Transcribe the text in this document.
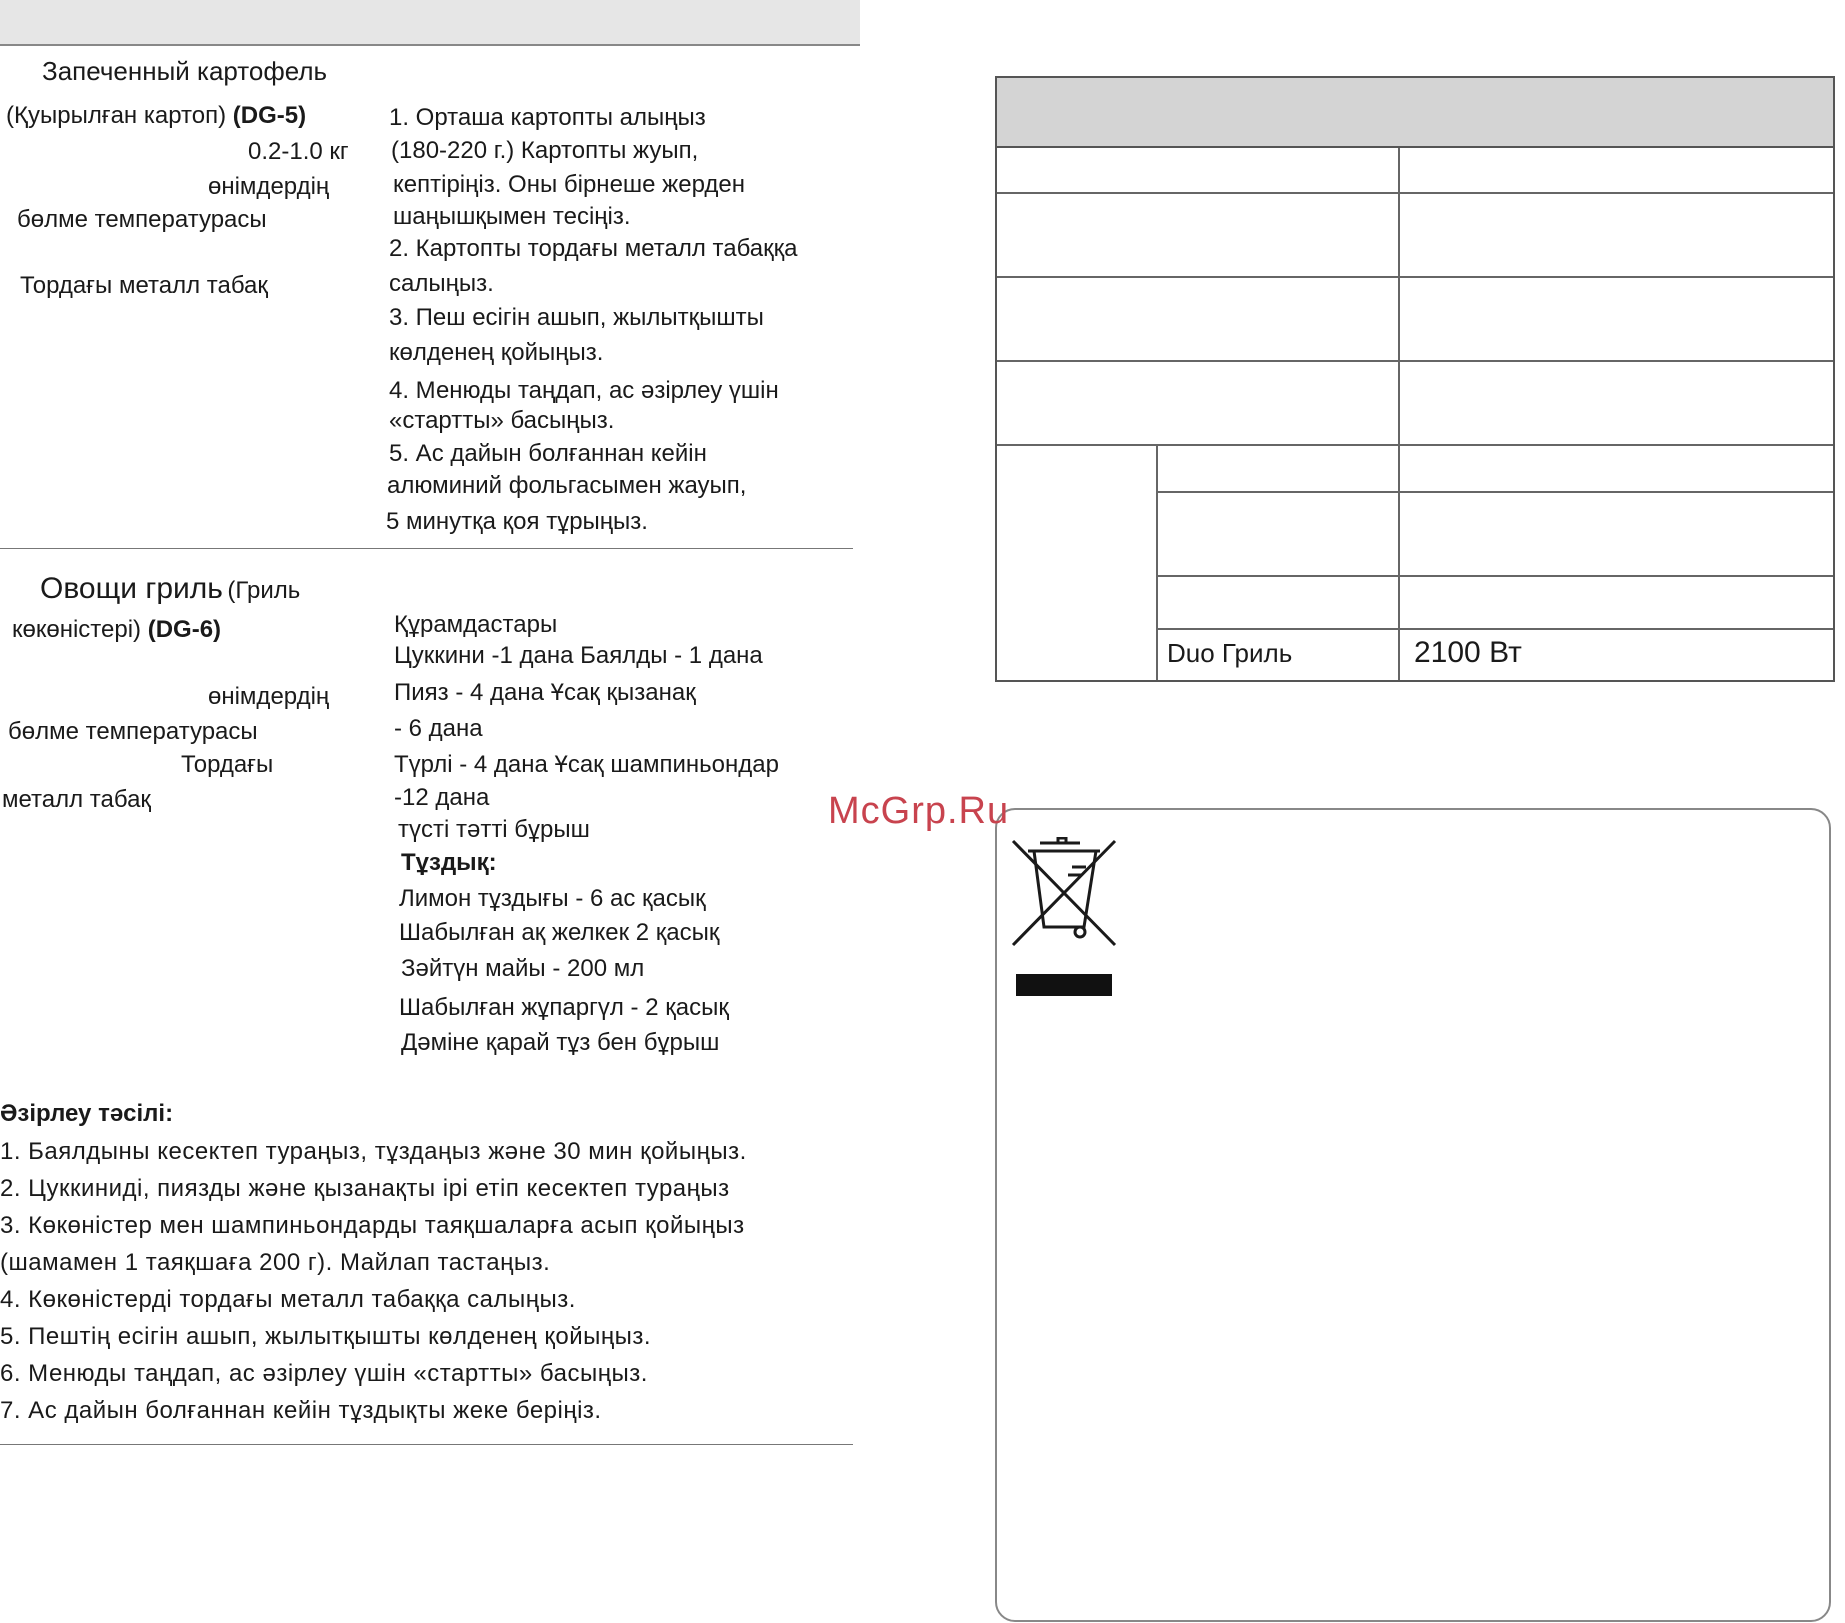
Запеченный картофель
(Қуырылған картоп) (DG-5)
0.2-1.0 кг
өнімдердің
бөлме температурасы
Тордағы металл табақ
1. Орташа картопты алыңыз
(180-220 г.) Картопты жуып,
кептіріңіз. Оны бірнеше жерден
шаңышқымен тесіңіз.
2. Картопты тордағы металл табаққа
салыңыз.
3. Пеш есігін ашып, жылытқышты
көлденең қойыңыз.
4. Менюды таңдап, ас әзірлеу үшін
«стартты» басыңыз.
5. Ас дайын болғаннан кейін
алюминий фольгасымен жауып,
5 минутқа қоя тұрыңыз.
Овощи гриль (Гриль
көкөністері) (DG-6)
өнімдердің
бөлме температурасы
Тордағы
металл табақ
Құрамдастары
Цуккини -1 дана Баялды - 1 дана
Пияз - 4 дана Ұсақ қызанақ
- 6 дана
Түрлі - 4 дана Ұсақ шампиньондар
-12 дана
түсті тәтті бұрыш
Тұздық:
Лимон тұздығы - 6 ас қасық
Шабылған ақ желкек 2 қасық
Зәйтүн майы - 200 мл
Шабылған жұпаргүл - 2 қасық
Дәміне қарай тұз бен бұрыш
Әзірлеу тәсілі:
1. Баялдыны кесектеп тураңыз, тұздаңыз және 30 мин қойыңыз.
2. Цуккиниді, пиязды және қызанақты ірі етіп кесектеп тураңыз
3. Көкөністер мен шампиньондарды таяқшаларға асып қойыңыз
(шамамен 1 таяқшаға 200 г). Майлап тастаңыз.
4. Көкөністерді тордағы металл табаққа салыңыз.
5. Пештің есігін ашып, жылытқышты көлденең қойыңыз.
6. Менюды таңдап, ас әзірлеу үшін «стартты» басыңыз.
7. Ас дайын болғаннан кейін тұздықты жеке беріңіз.
Duo Гриль	2100 Вт
McGrp.Ru
